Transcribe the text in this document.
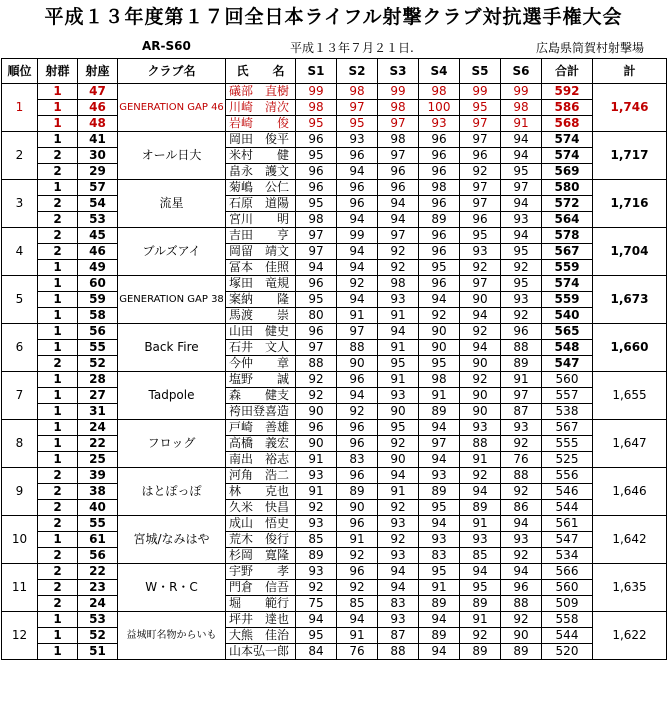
平成１３年度第１７回全日本ライフル射撃クラブ対抗選手権大会
AR-S60	平成１３年７月２１日.	広島県筒賀村射撃場
順位	射群	射座	クラブ名	氏　　名	S1	S2	S3	S4	S5	S6	合計	計
1	1	47	GENERATION GAP 46	礒部　直樹	99	98	99	98	99	99	592	1,746
	1	46		川崎　清次	98	97	98	100	95	98	586	
	1	48		岩崎　　俊	95	95	97	93	97	91	568	
2	1	41	オール日大	岡田　俊平	96	93	98	96	97	94	574	1,717
	2	30		米村　　健	95	96	97	96	96	94	574	
	2	29		畠永　護文	96	94	96	96	92	95	569	
3	1	57	流星	菊嶋　公仁	96	96	96	98	97	97	580	1,716
	2	54		石原　道陽	95	96	94	96	97	94	572	
	2	53		宮川　　明	98	94	94	89	96	93	564	
4	2	45	ブルズアイ	吉田　　亨	97	99	97	96	95	94	578	1,704
	2	46		岡留　靖文	97	94	92	96	93	95	567	
	1	49		冨本　佳照	94	94	92	95	92	92	559	
5	1	60	GENERATION GAP 38	塚田　竜規	96	92	98	96	97	95	574	1,673
	1	59		案納　　隆	95	94	93	94	90	93	559	
	1	58		馬渡　　崇	80	91	91	92	94	92	540	
6	1	56	Back Fire	山田　健史	96	97	94	90	92	96	565	1,660
	1	55		石井　文人	97	88	91	90	94	88	548	
	2	52		今仲　　章	88	90	95	95	90	89	547	
7	1	28	Tadpole	塩野　　誠	92	96	91	98	92	91	560	1,655
	1	27		森　　健支	92	94	93	91	90	97	557	
	1	31		袴田登喜造	90	92	90	89	90	87	538	
8	1	24	フロッグ	戸崎　善雄	96	96	95	94	93	93	567	1,647
	1	22		高橋　義宏	90	96	92	97	88	92	555	
	1	25		南出　裕志	91	83	90	94	91	76	525	
9	2	39	はとぽっぽ	河角　浩二	93	96	94	93	92	88	556	1,646
	2	38		林　　克也	91	89	91	89	94	92	546	
	2	40		久米　快昌	92	90	92	95	89	86	544	
10	2	55	宮城/なみはや	成山　悟史	93	96	93	94	91	94	561	1,642
	1	61		荒木　俊行	85	91	92	93	93	93	547	
	2	56		杉岡　寛隆	89	92	93	83	85	92	534	
11	2	22	W・R・C	宇野　　孝	93	96	94	95	94	94	566	1,635
	2	23		門倉　信吾	92	92	94	91	95	96	560	
	2	24		堀　　範行	75	85	83	89	89	88	509	
12	1	53	益城町名物からいも	坪井　達也	94	94	93	94	91	92	558	1,622
	1	52		大熊　佳治	95	91	87	89	92	90	544	
	1	51		山本弘一郎	84	76	88	94	89	89	520	
